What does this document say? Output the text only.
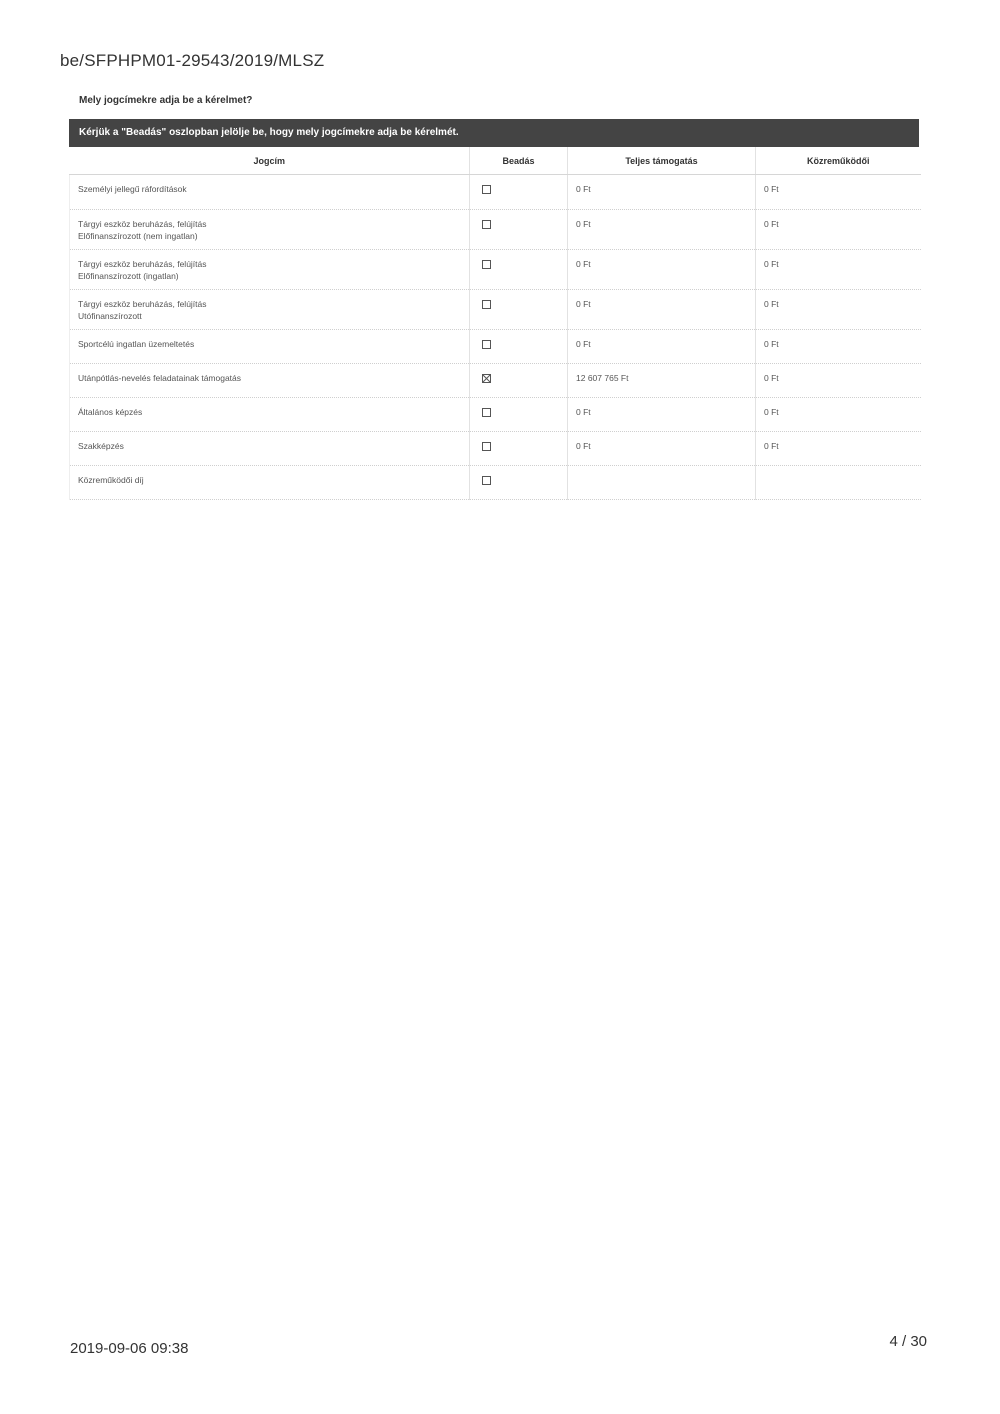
be/SFPHPM01-29543/2019/MLSZ
Mely jogcímekre adja be a kérelmet?
Kérjük a "Beadás" oszlopban jelölje be, hogy mely jogcímekre adja be kérelmét.
Jogcím	Beadás	Teljes támogatás	Közreműködői

Személyi jellegű ráfordítások		0 Ft	0 Ft

Tárgyi eszköz beruházás, felújítás
Előfinanszírozott (nem ingatlan)		0 Ft	0 Ft

Tárgyi eszköz beruházás, felújítás
Előfinanszírozott (ingatlan)		0 Ft	0 Ft

Tárgyi eszköz beruházás, felújítás
Utófinanszírozott		0 Ft	0 Ft

Sportcélú ingatlan üzemeltetés		0 Ft	0 Ft

Utánpótlás-nevelés feladatainak támogatás		12 607 765 Ft	0 Ft

Általános képzés		0 Ft	0 Ft

Szakképzés		0 Ft	0 Ft

Közreműködői díj			

2019-09-06 09:38	4 / 30
